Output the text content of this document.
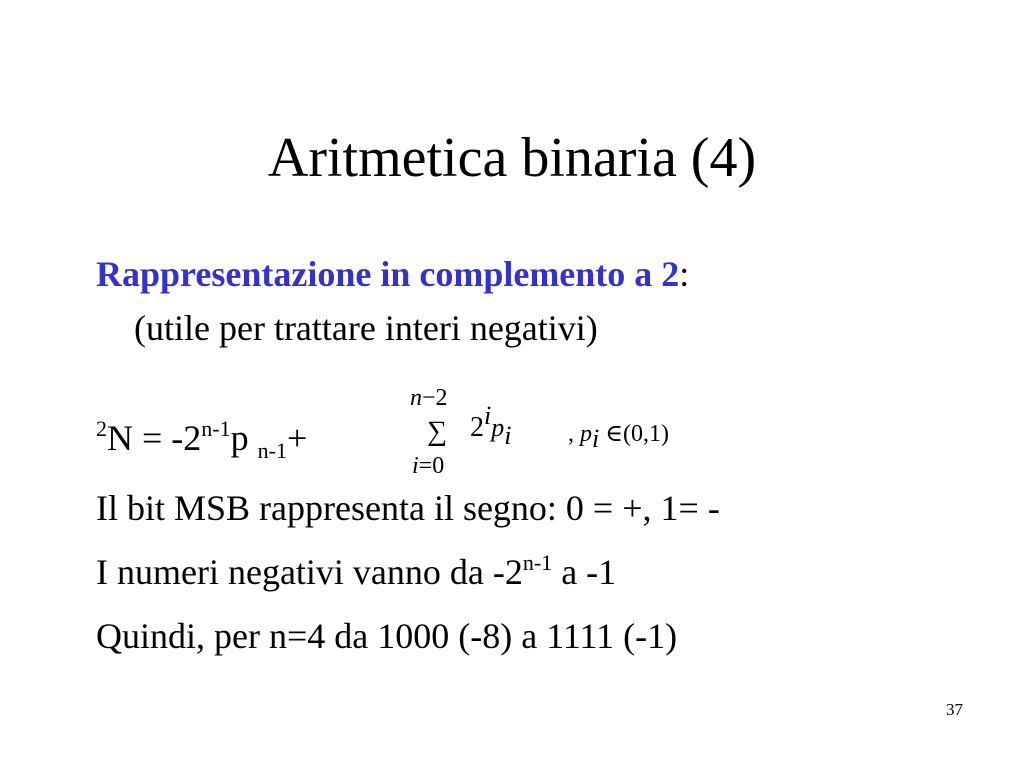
Aritmetica binaria (4)
Rappresentazione in complemento a 2:
(utile per trattare interi negativi)
$^2N = -2^{n-1}p$ $_{n-1}$+
n−2
∑
i=0
2ipi , pi ∈(0,1)
Il bit MSB rappresenta il segno: 0 = +, 1= -
I numeri negativi vanno da -2$^{n-1}$ a -1
Quindi, per n=4 da 1000 (-8) a 1111 (-1)
37
